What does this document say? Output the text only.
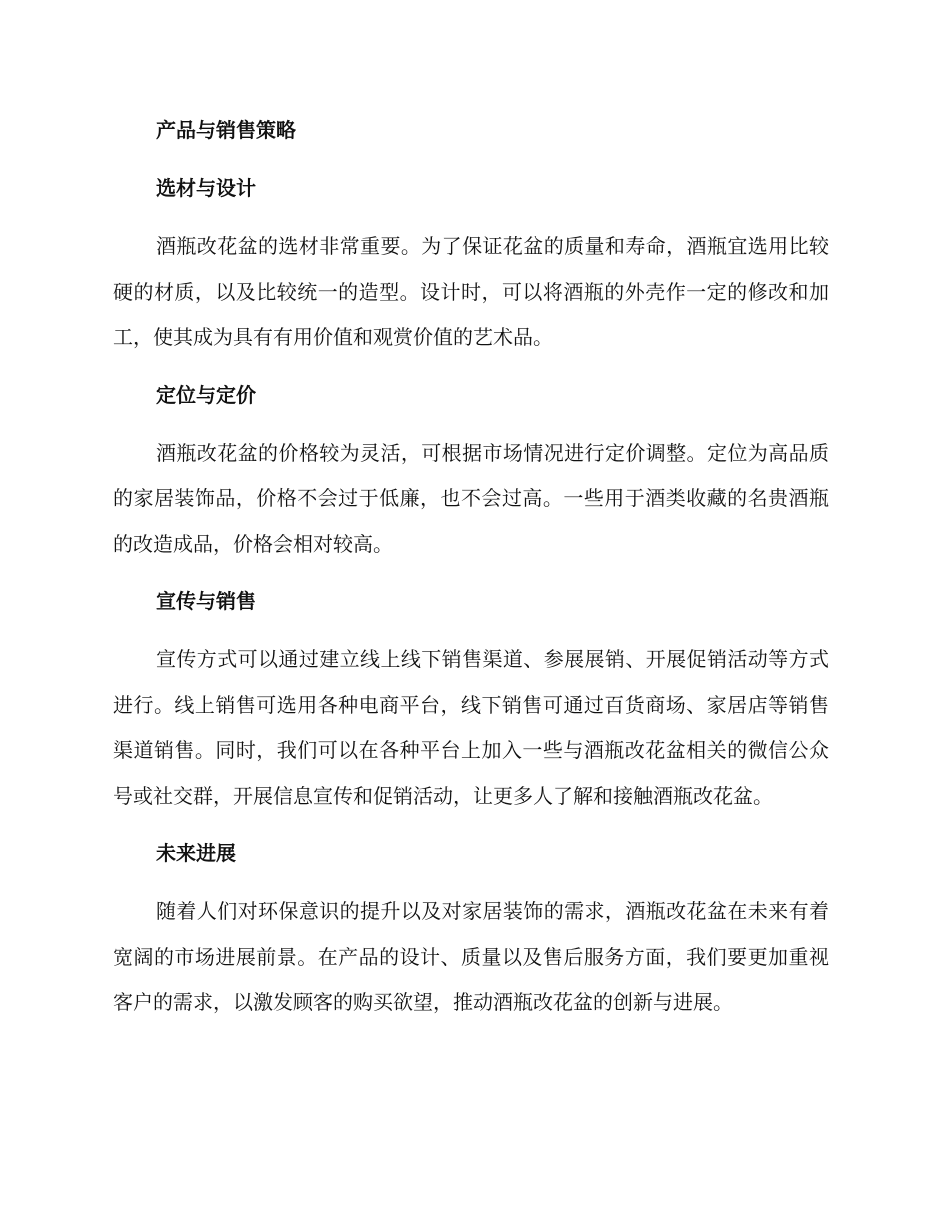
产品与销售策略
选材与设计

酒瓶改花盆的选材非常重要。为了保证花盆的质量和寿命，酒瓶宜选用比较硬的材质，以及比较统一的造型。设计时，可以将酒瓶的外壳作一定的修改和加工，使其成为具有有用价值和观赏价值的艺术品。

定位与定价

酒瓶改花盆的价格较为灵活，可根据市场情况进行定价调整。定位为高品质的家居装饰品，价格不会过于低廉，也不会过高。一些用于酒类收藏的名贵酒瓶的改造成品，价格会相对较高。

宣传与销售

宣传方式可以通过建立线上线下销售渠道、参展展销、开展促销活动等方式进行。线上销售可选用各种电商平台，线下销售可通过百货商场、家居店等销售渠道销售。同时，我们可以在各种平台上加入一些与酒瓶改花盆相关的微信公众号或社交群，开展信息宣传和促销活动，让更多人了解和接触酒瓶改花盆。

未来进展

随着人们对环保意识的提升以及对家居装饰的需求，酒瓶改花盆在未来有着宽阔的市场进展前景。在产品的设计、质量以及售后服务方面，我们要更加重视客户的需求，以激发顾客的购买欲望，推动酒瓶改花盆的创新与进展。
